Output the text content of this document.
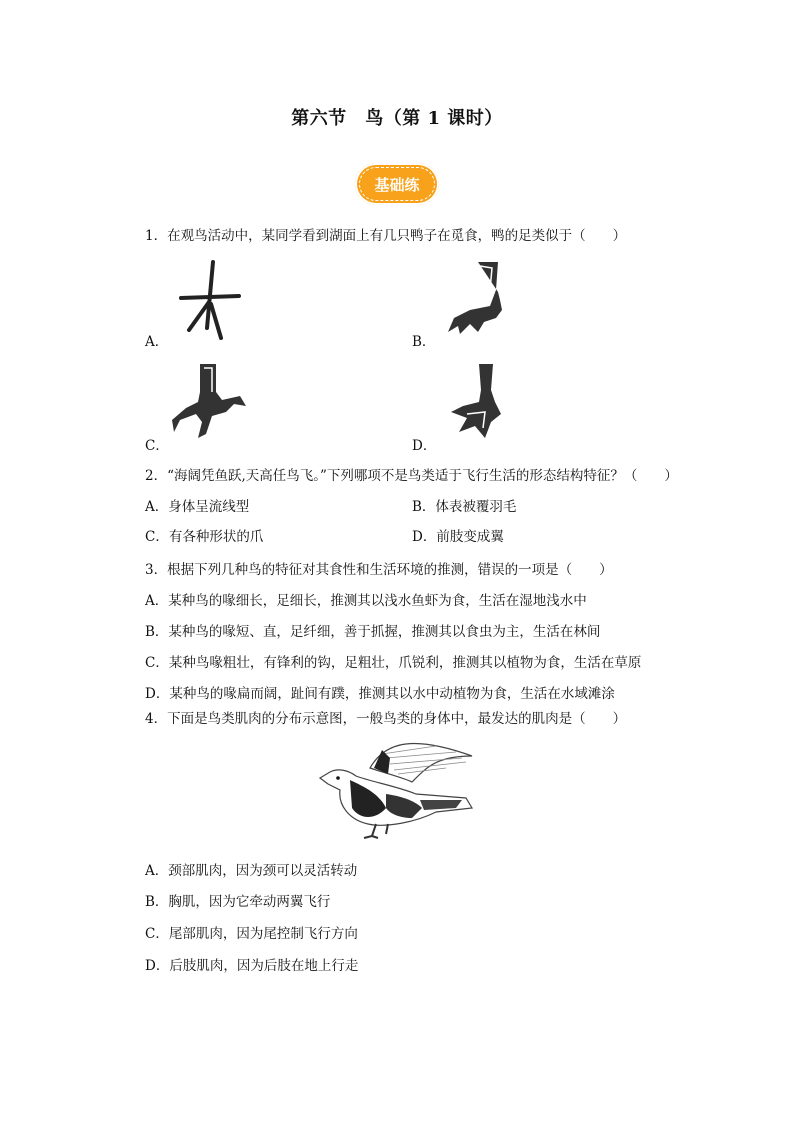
第六节　鸟（第 1 课时）
基础练
1．在观鸟活动中，某同学看到湖面上有几只鸭子在觅食，鸭的足类似于（　　）
A．	B．
C．	D．
2．“海阔凭鱼跃,天高任鸟飞。”下列哪项不是鸟类适于飞行生活的形态结构特征？（　　）
A．身体呈流线型	B．体表被覆羽毛
C．有各种形状的爪	D．前肢变成翼
3．根据下列几种鸟的特征对其食性和生活环境的推测，错误的一项是（　　）
A．某种鸟的喙细长，足细长，推测其以浅水鱼虾为食，生活在湿地浅水中
B．某种鸟的喙短、直，足纤细，善于抓握，推测其以食虫为主，生活在林间
C．某种鸟喙粗壮，有锋利的钩，足粗壮，爪锐利，推测其以植物为食，生活在草原
D．某种鸟的喙扁而阔，趾间有蹼，推测其以水中动植物为食，生活在水域滩涂
4．下面是鸟类肌肉的分布示意图，一般鸟类的身体中，最发达的肌肉是（　　）
A．颈部肌肉，因为颈可以灵活转动
B．胸肌，因为它牵动两翼飞行
C．尾部肌肉，因为尾控制飞行方向
D．后肢肌肉，因为后肢在地上行走
